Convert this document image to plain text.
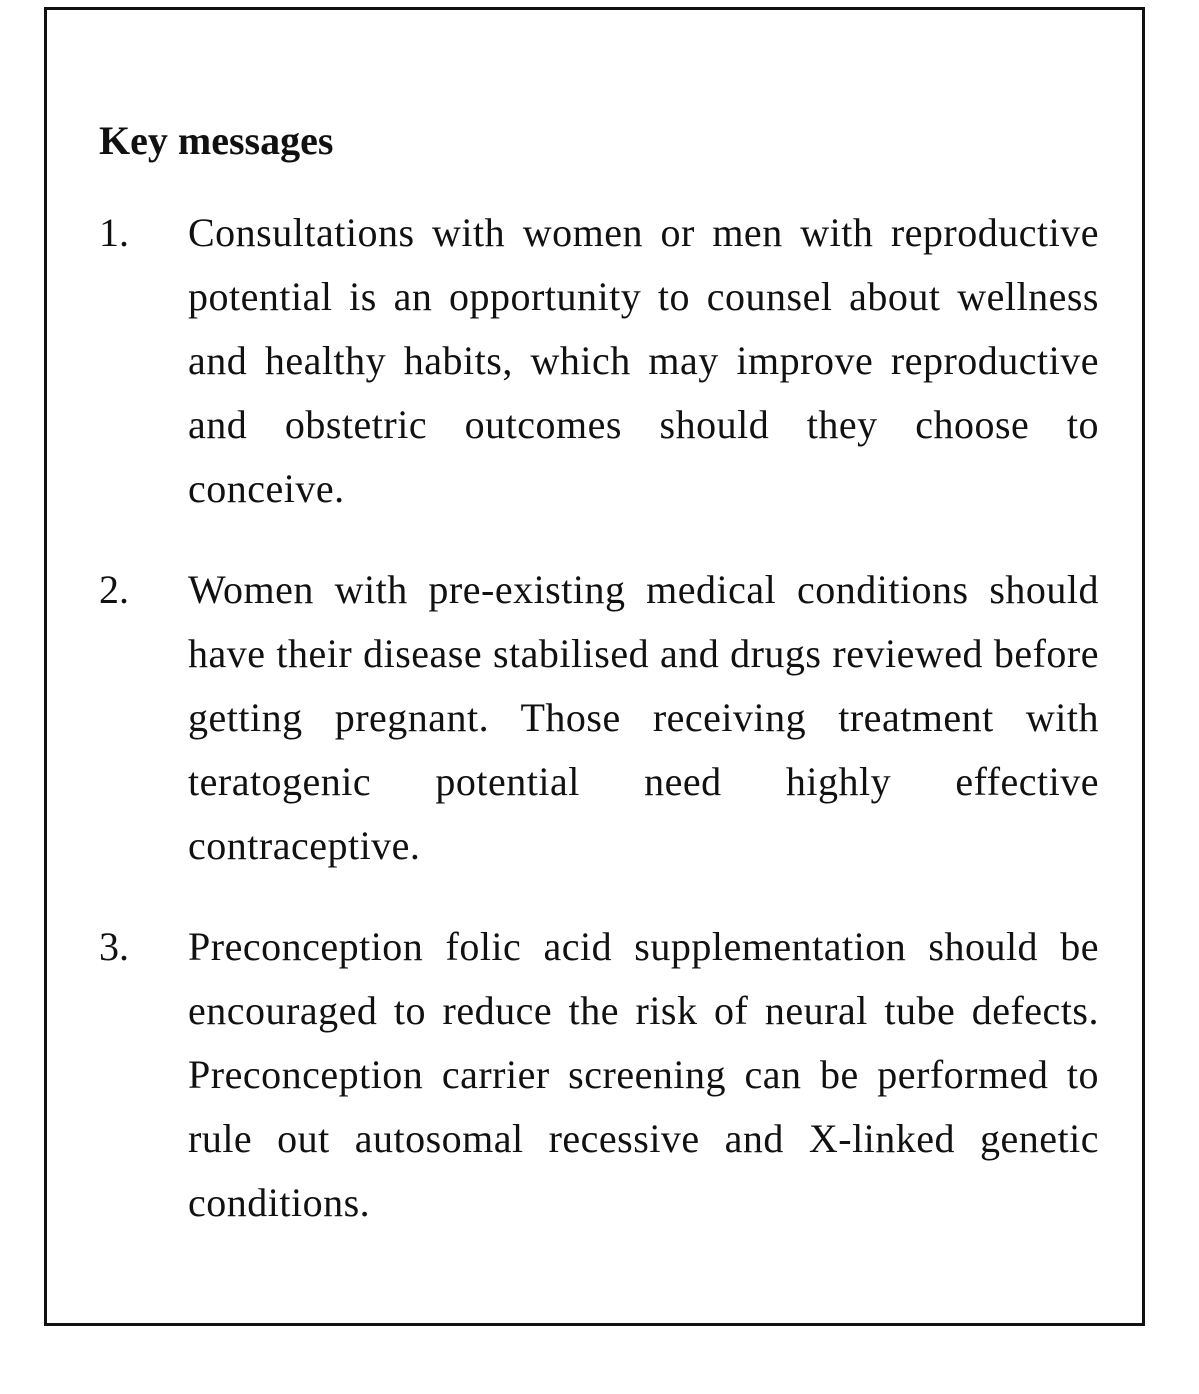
Key messages
1. Consultations with women or men with reproductive potential is an opportunity to counsel about wellness and healthy habits, which may improve reproductive and obstetric outcomes should they choose to conceive.
2. Women with pre-existing medical conditions should have their disease stabilised and drugs reviewed before getting pregnant. Those receiving treatment with teratogenic potential need highly effective contraceptive.
3. Preconception folic acid supplementation should be encouraged to reduce the risk of neural tube defects. Preconception carrier screening can be performed to rule out autosomal recessive and X-linked genetic conditions.
